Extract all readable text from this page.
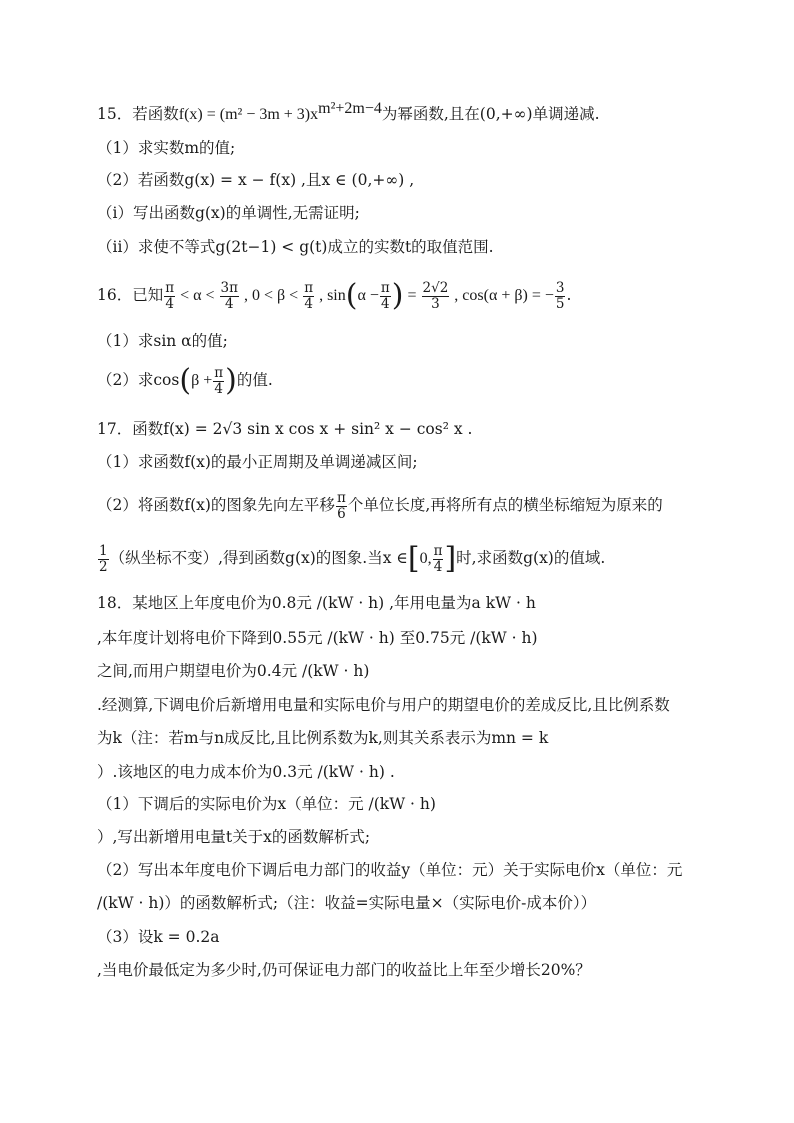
15．若函数$f(x) = (m^2 - 3m + 3)x^{m^2+2m-4}$为幂函数,且在(0,+∞)单调递减.
（1）求实数m的值;
（2）若函数g(x) = x − f(x) ,且x ∈ (0,+∞) ,
（i）写出函数g(x)的单调性,无需证明;
（ii）求使不等式g(2t−1) < g(t)成立的实数t的取值范围.
16．已知 $\frac{\pi}{4} < \alpha < \frac{3\pi}{4}$ , $0 < \beta < \frac{\pi}{4}$ , $\sin(\alpha - \frac{\pi}{4}$ ) = $\frac{2√2}{3}$ , cos(α + β) = − $\frac{3}{5}$ .
（1）求sin α的值;
（2）求$\cos(\beta + \frac{\pi}{4}$ )的值.
17．函数f(x) = 2√3 sin x cos x + sin² x − cos² x .
（1）求函数f(x)的最小正周期及单调递减区间;
（2）将函数f(x)的图象先向左平移 $\frac{\pi}{6}$ 个单位长度,再将所有点的横坐标缩短为原来的
$\frac{1}{2}$ （纵坐标不变）,得到函数g(x)的图象.当x ∈[0, $\frac{\pi}{4}$ ]时,求函数g(x)的值域.
18．某地区上年度电价为0.8元 /(kW · h) ,年用电量为a kW · h
,本年度计划将电价下降到0.55元 /(kW · h) 至0.75元 /(kW · h)
之间,而用户期望电价为0.4元 /(kW · h)
.经测算,下调电价后新增用电量和实际电价与用户的期望电价的差成反比,且比例系数
为k（注：若m与n成反比,且比例系数为k,则其关系表示为mn = k
）.该地区的电力成本价为0.3元 /(kW · h) .
（1）下调后的实际电价为x（单位：元 /(kW · h)
）,写出新增用电量t关于x的函数解析式;
（2）写出本年度电价下调后电力部门的收益y（单位：元）关于实际电价x（单位：元
/(kW · h)）的函数解析式;（注：收益=实际电量×（实际电价-成本价））
（3）设k = 0.2a
,当电价最低定为多少时,仍可保证电力部门的收益比上年至少增长20%？
